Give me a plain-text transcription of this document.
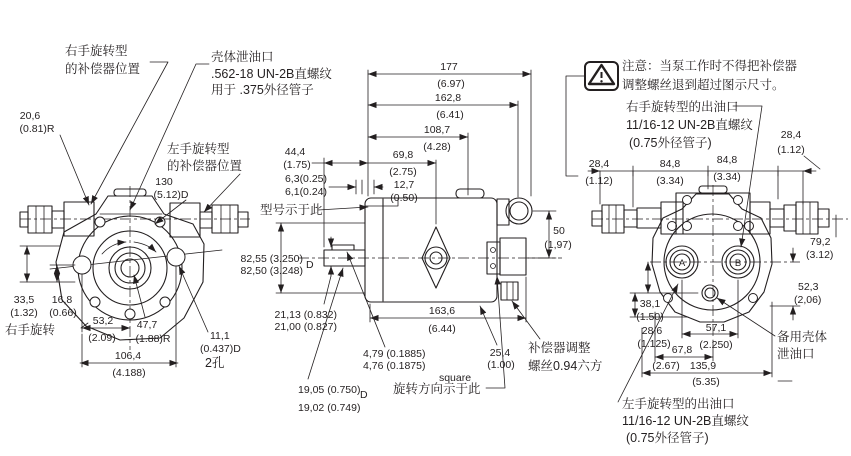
20,6
(0.81)R
右手旋转型
的补偿器位置
壳体泄油口
.562-18 UN-2B直螺纹
用于 .375外径管子
左手旋转型
的补偿器位置
130
(5.12)D
33,5
(1.32)
16,8
(0.66)
右手旋转
53,2
(2.09)
47,7
(1.88)R
106,4
(4.188)
11,1
(0.437)D
2孔
177
(6.97)
162,8
(6.41)
108,7
(4.28)
44,4
(1.75)
69,8
(2.75)
6,3(0.25)
6,1(0.24)
12,7
(0.50)
型号示于此
82,55 (3.250)
82,50 (3.248) D
21,13 (0.832)
21,00 (0.827)
50
(1,97)
163,6
(6.44)
4,79 (0.1885)
4,76 (0.1875)
square
25,4
(1.00)
19,05 (0.750) D
19,02 (0.749)
旋转方向示于此
补偿器调整
螺丝0.94六方
注意：当泵工作时不得把补偿器
调整螺丝退到超过图示尺寸。
右手旋转型的出油口
11/16-12 UN-2B直螺纹
(0.75外径管子)
A	B
28,4
(1.12)
84,8
(3.34)
84,8
(3.34)
28,4
(1.12)
79,2
(3.12)
52,3
(2,06)
38,1
(1.50)
28,6
(1.125)
57,1
(2.250)
67,8
(2.67) 135,9
(5.35)
备用壳体
泄油口
左手旋转型的出油口
11/16-12 UN-2B直螺纹
(0.75外径管子)
